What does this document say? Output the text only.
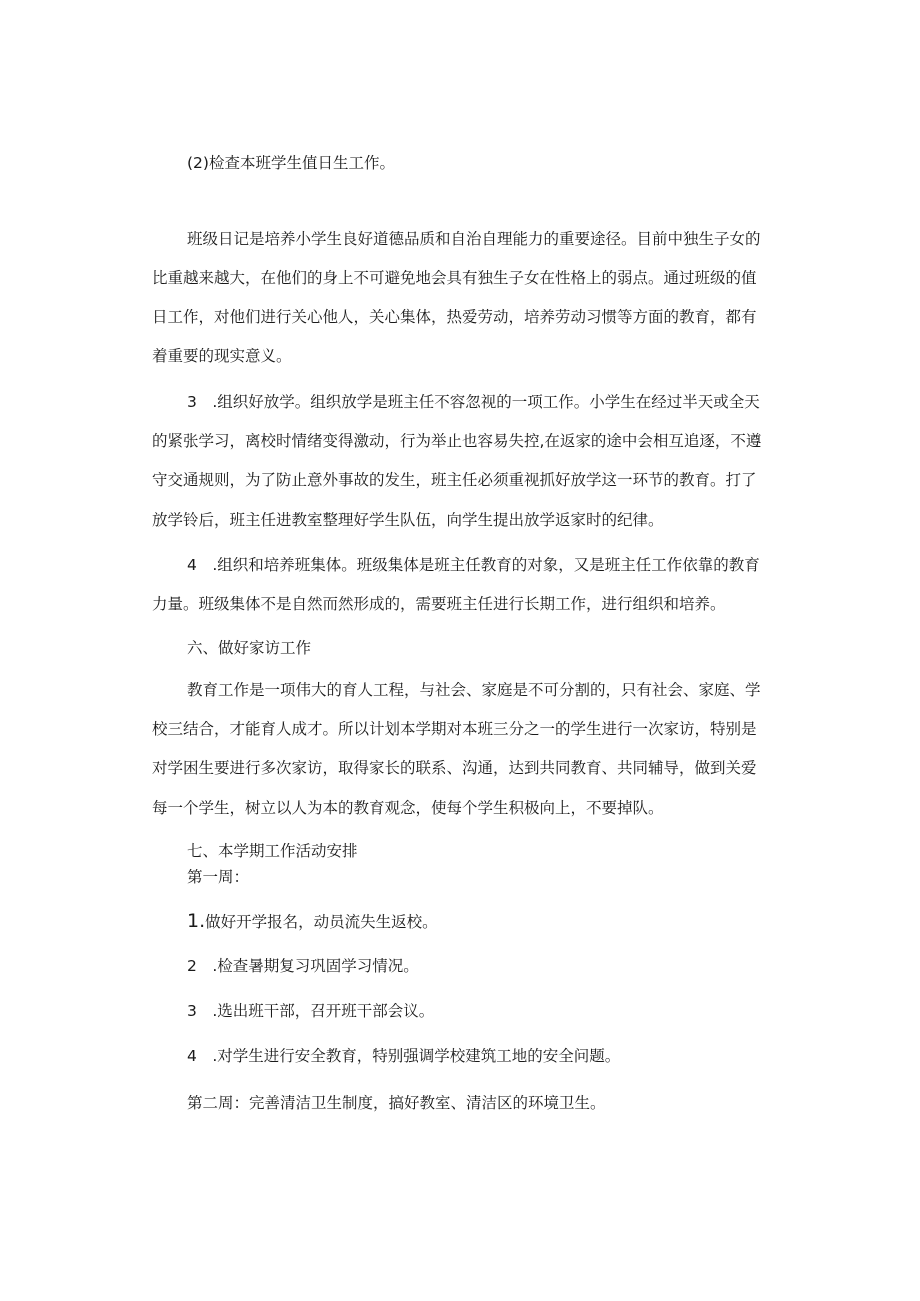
(2)检查本班学生值日生工作。

班级日记是培养小学生良好道德品质和自治自理能力的重要途径。目前中独生子女的

比重越来越大，在他们的身上不可避免地会具有独生子女在性格上的弱点。通过班级的值

日工作，对他们进行关心他人，关心集体，热爱劳动，培养劳动习惯等方面的教育，都有

着重要的现实意义。

3　.组织好放学。组织放学是班主任不容忽视的一项工作。小学生在经过半天或全天

的紧张学习，离校时情绪变得激动，行为举止也容易失控,在返家的途中会相互追逐，不遵

守交通规则，为了防止意外事故的发生，班主任必须重视抓好放学这一环节的教育。打了

放学铃后，班主任进教室整理好学生队伍，向学生提出放学返家时的纪律。

4　.组织和培养班集体。班级集体是班主任教育的对象，又是班主任工作依靠的教育

力量。班级集体不是自然而然形成的，需要班主任进行长期工作，进行组织和培养。

六、做好家访工作

教育工作是一项伟大的育人工程，与社会、家庭是不可分割的，只有社会、家庭、学

校三结合，才能育人成才。所以计划本学期对本班三分之一的学生进行一次家访，特别是

对学困生要进行多次家访，取得家长的联系、沟通，达到共同教育、共同辅导，做到关爱

每一个学生，树立以人为本的教育观念，使每个学生积极向上，不要掉队。

七、本学期工作活动安排

第一周：

1.做好开学报名，动员流失生返校。

2　.检查暑期复习巩固学习情况。

3　.选出班干部，召开班干部会议。

4　.对学生进行安全教育，特别强调学校建筑工地的安全问题。

第二周：完善清洁卫生制度，搞好教室、清洁区的环境卫生。
